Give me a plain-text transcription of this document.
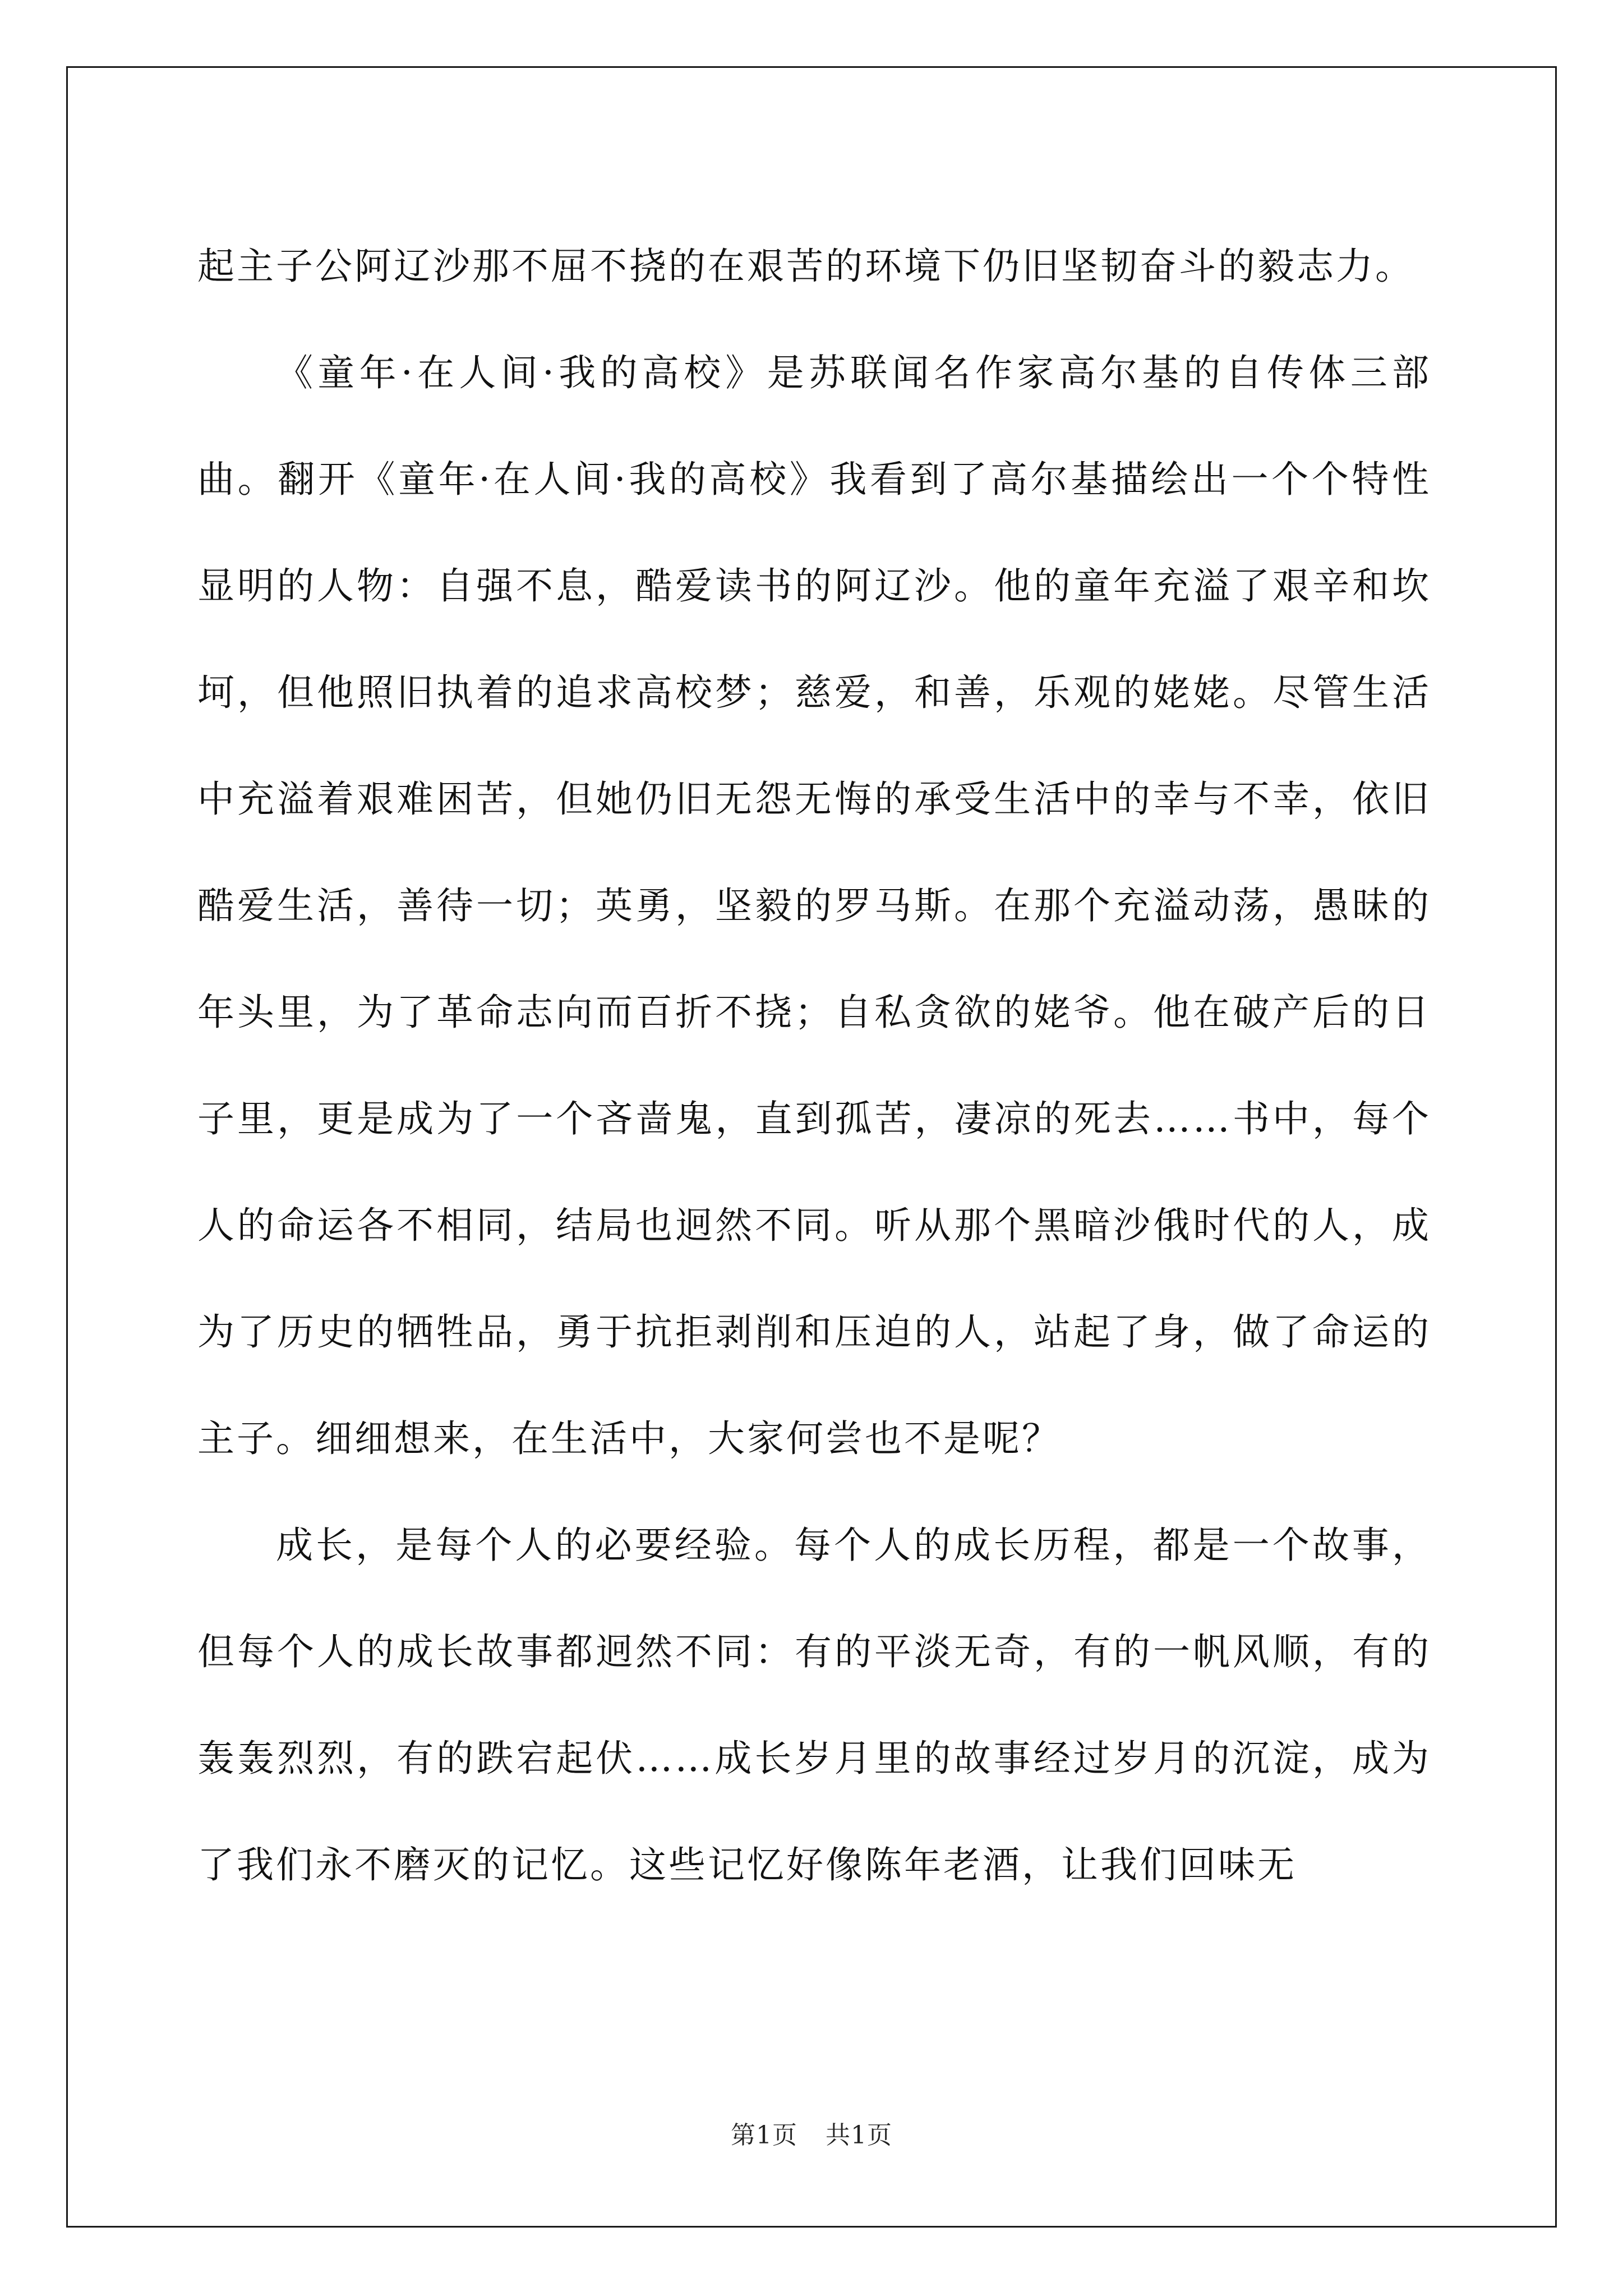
起主子公阿辽沙那不屈不挠的在艰苦的环境下仍旧坚韧奋斗的毅志力。

《童年·在人间·我的高校》是苏联闻名作家高尔基的自传体三部曲。翻开《童年·在人间·我的高校》我看到了高尔基描绘出一个个特性显明的人物：自强不息，酷爱读书的阿辽沙。他的童年充溢了艰辛和坎坷，但他照旧执着的追求高校梦；慈爱，和善，乐观的姥姥。尽管生活中充溢着艰难困苦，但她仍旧无怨无悔的承受生活中的幸与不幸，依旧酷爱生活，善待一切；英勇，坚毅的罗马斯。在那个充溢动荡，愚昧的年头里，为了革命志向而百折不挠；自私贪欲的姥爷。他在破产后的日子里，更是成为了一个吝啬鬼，直到孤苦，凄凉的死去……书中，每个人的命运各不相同，结局也迥然不同。听从那个黑暗沙俄时代的人，成为了历史的牺牲品，勇于抗拒剥削和压迫的人，站起了身，做了命运的主子。细细想来，在生活中，大家何尝也不是呢？

成长，是每个人的必要经验。每个人的成长历程，都是一个故事，但每个人的成长故事都迥然不同：有的平淡无奇，有的一帆风顺，有的轰轰烈烈，有的跌宕起伏……成长岁月里的故事经过岁月的沉淀，成为了我们永不磨灭的记忆。这些记忆好像陈年老酒，让我们回味无

第1页 共1页
